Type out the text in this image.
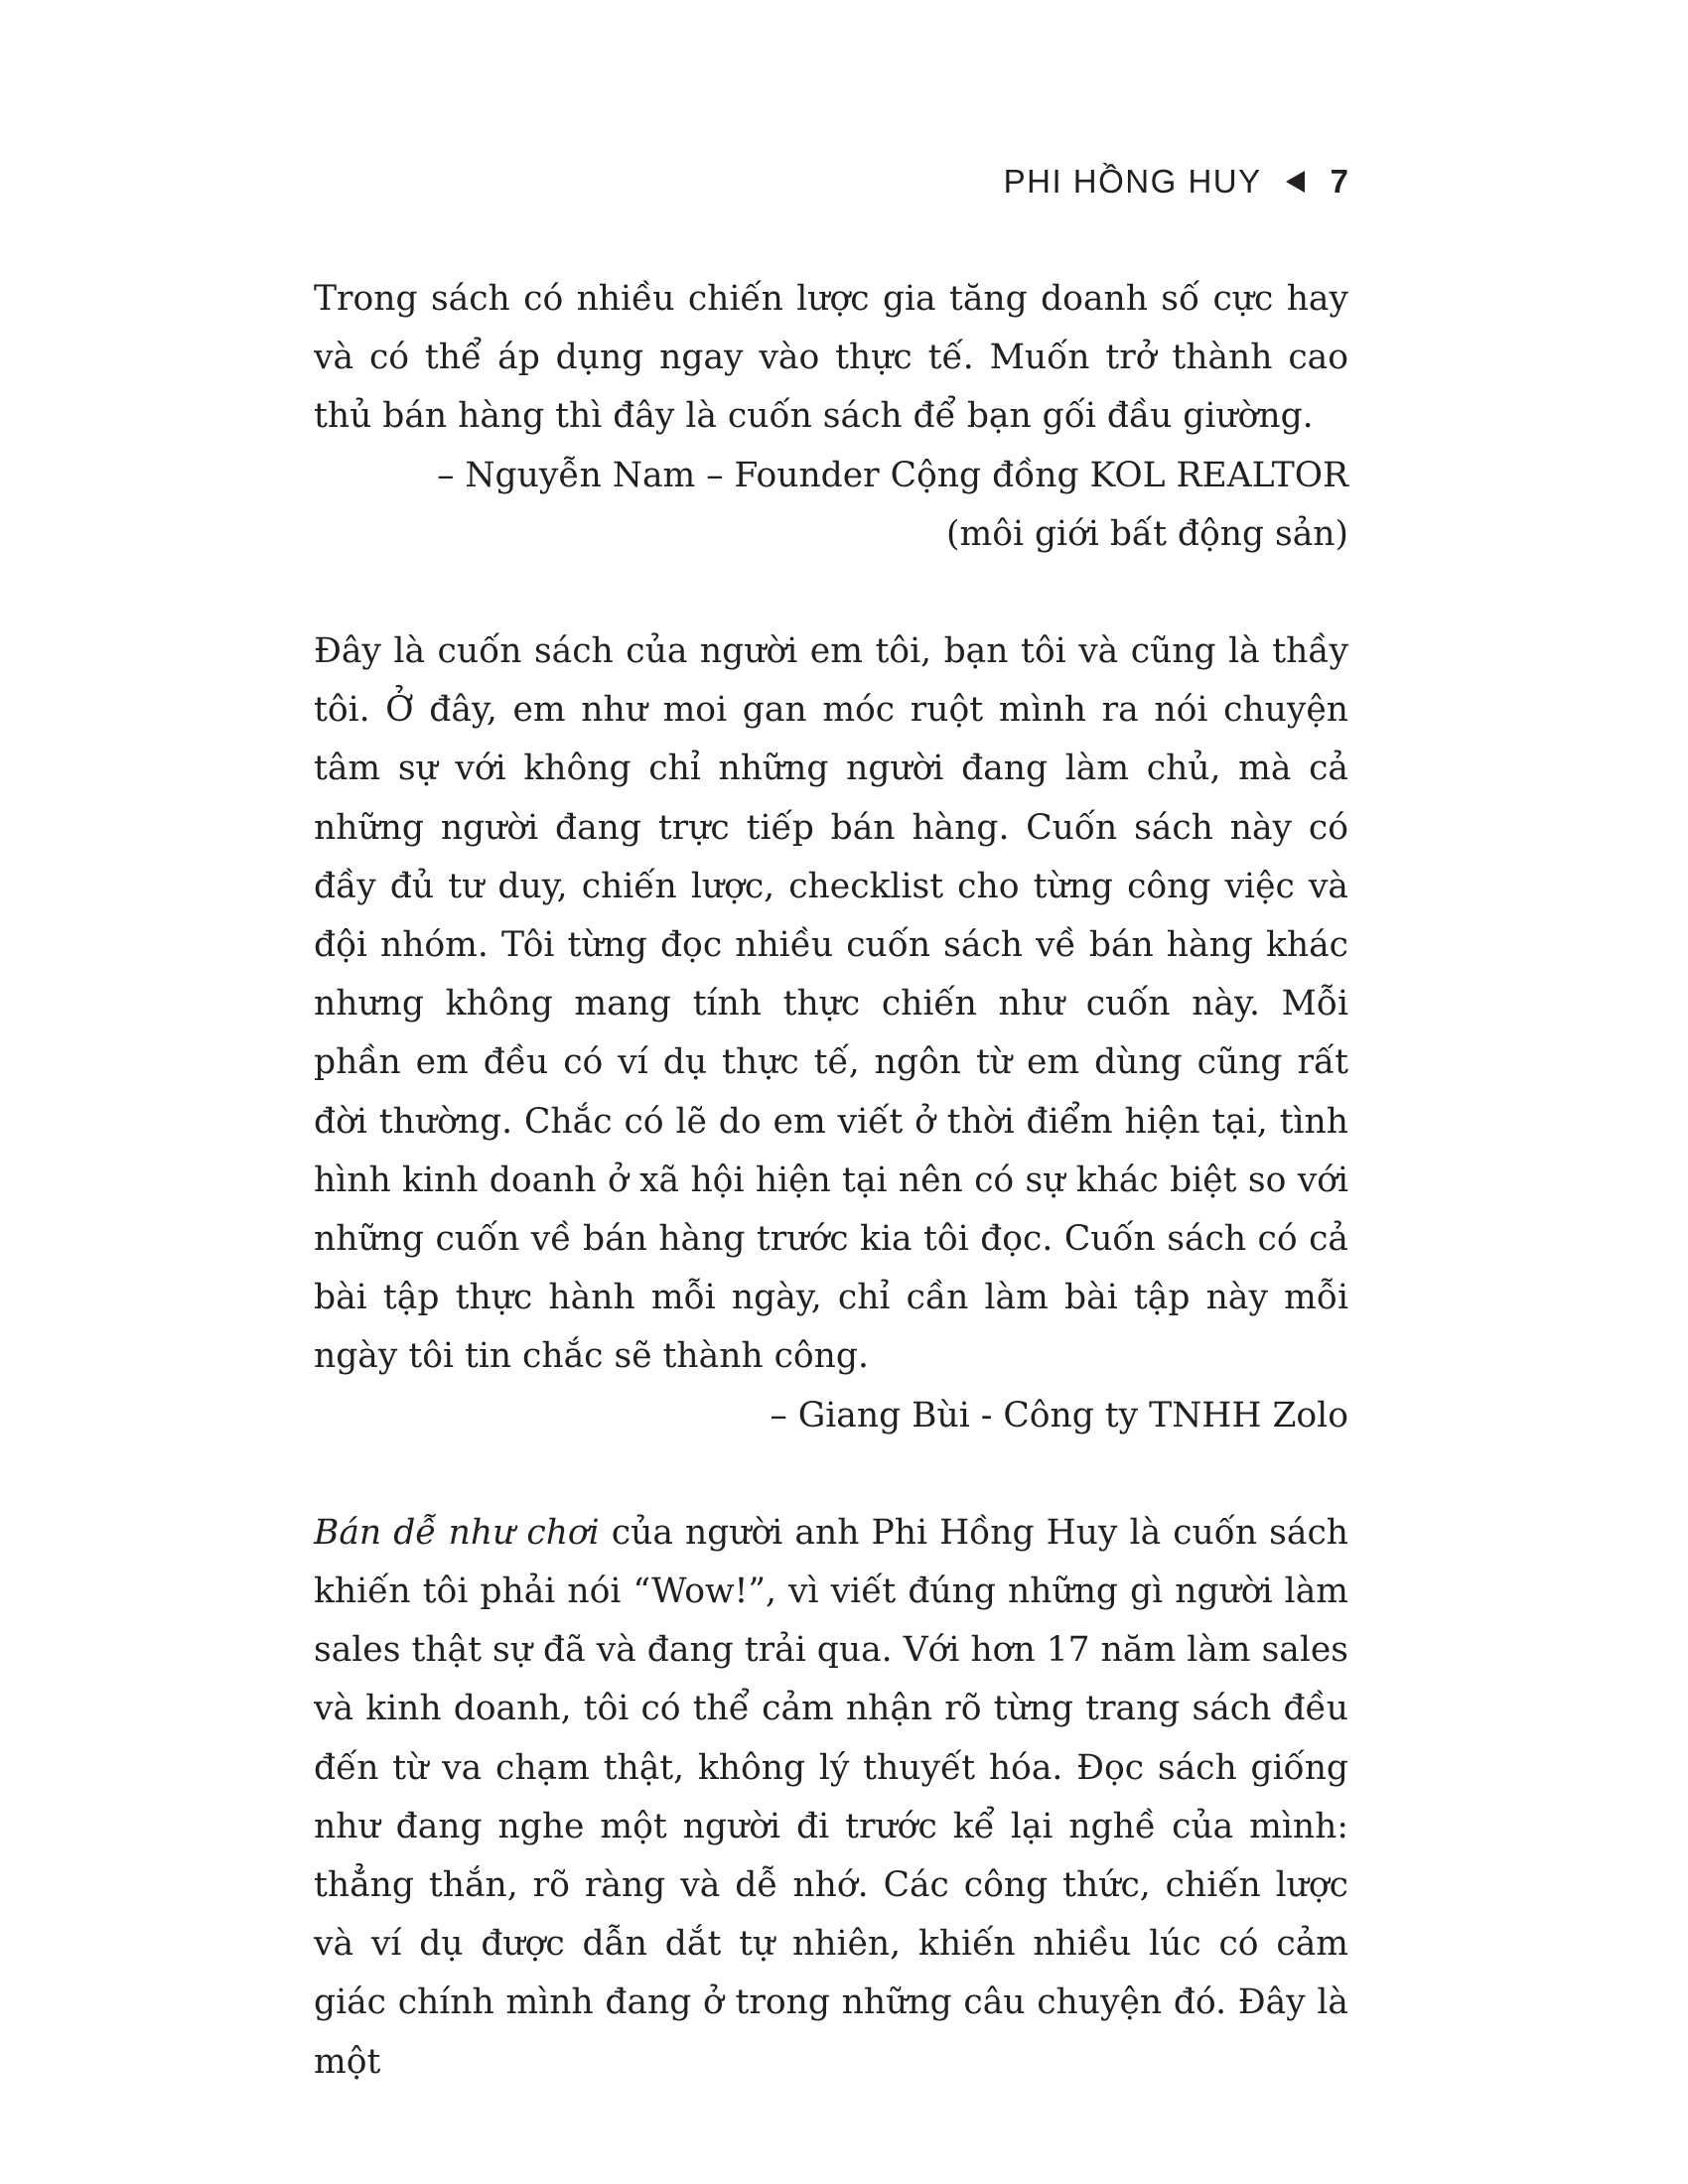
PHI HỒNG HUY 7

Trong sách có nhiều chiến lược gia tăng doanh số cực hay và có thể áp dụng ngay vào thực tế. Muốn trở thành cao thủ bán hàng thì đây là cuốn sách để bạn gối đầu giường.

– Nguyễn Nam – Founder Cộng đồng KOL REALTOR

(môi giới bất động sản)

Đây là cuốn sách của người em tôi, bạn tôi và cũng là thầy tôi. Ở đây, em như moi gan móc ruột mình ra nói chuyện tâm sự với không chỉ những người đang làm chủ, mà cả những người đang trực tiếp bán hàng. Cuốn sách này có đầy đủ tư duy, chiến lược, checklist cho từng công việc và đội nhóm. Tôi từng đọc nhiều cuốn sách về bán hàng khác nhưng không mang tính thực chiến như cuốn này. Mỗi phần em đều có ví dụ thực tế, ngôn từ em dùng cũng rất đời thường. Chắc có lẽ do em viết ở thời điểm hiện tại, tình hình kinh doanh ở xã hội hiện tại nên có sự khác biệt so với những cuốn về bán hàng trước kia tôi đọc. Cuốn sách có cả bài tập thực hành mỗi ngày, chỉ cần làm bài tập này mỗi ngày tôi tin chắc sẽ thành công.

– Giang Bùi - Công ty TNHH Zolo

Bán dễ như chơi của người anh Phi Hồng Huy là cuốn sách khiến tôi phải nói “Wow!”, vì viết đúng những gì người làm sales thật sự đã và đang trải qua. Với hơn 17 năm làm sales và kinh doanh, tôi có thể cảm nhận rõ từng trang sách đều đến từ va chạm thật, không lý thuyết hóa. Đọc sách giống như đang nghe một người đi trước kể lại nghề của mình: thẳng thắn, rõ ràng và dễ nhớ. Các công thức, chiến lược và ví dụ được dẫn dắt tự nhiên, khiến nhiều lúc có cảm giác chính mình đang ở trong những câu chuyện đó. Đây là một
